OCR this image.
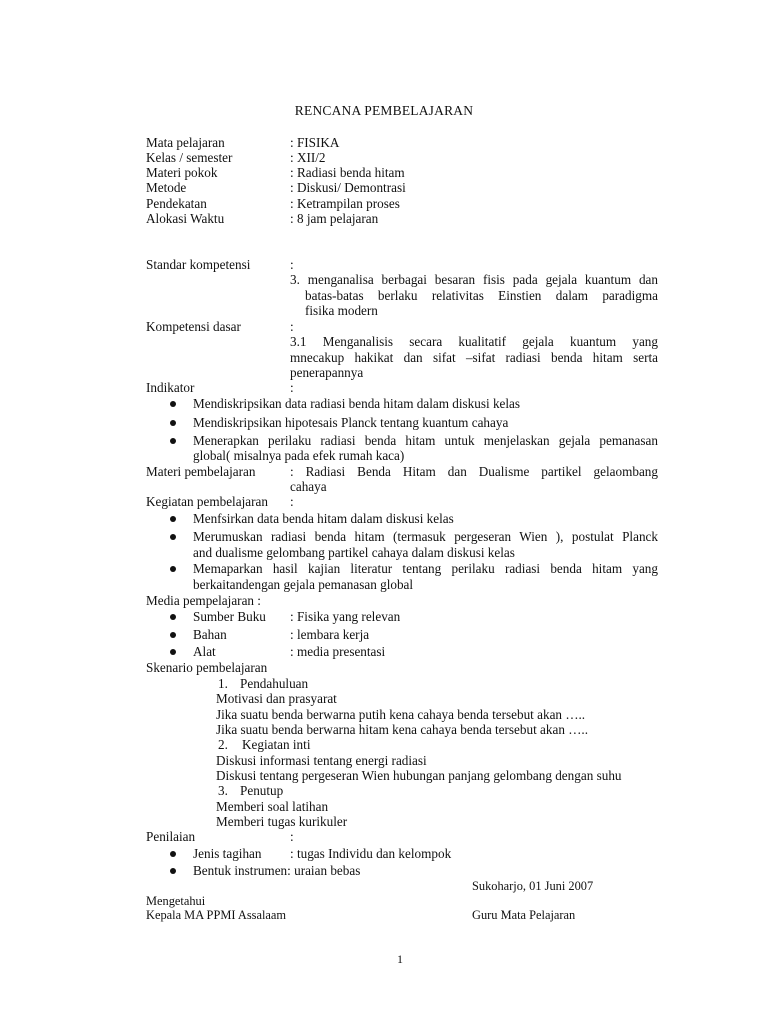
RENCANA PEMBELAJARAN
Mata pelajaran	: FISIKA
Kelas / semester	: XII/2
Materi pokok	: Radiasi benda hitam
Metode	: Diskusi/ Demontrasi
Pendekatan	: Ketrampilan proses
Alokasi Waktu	: 8 jam pelajaran
Standar kompetensi	:
3. menganalisa berbagai besaran fisis pada gejala kuantum dan
batas-batas berlaku relativitas Einstien dalam paradigma
fisika modern
Kompetensi dasar	:
3.1 Menganalisis secara kualitatif gejala kuantum yang
mnecakup hakikat dan sifat –sifat radiasi benda hitam serta
penerapannya
Indikator	:
Mendiskripsikan data radiasi benda hitam dalam diskusi kelas
Mendiskripsikan hipotesais Planck tentang kuantum cahaya
Menerapkan perilaku radiasi benda hitam untuk menjelaskan gejala pemanasan
global( misalnya pada efek rumah kaca)
Materi pembelajaran	: Radiasi Benda Hitam dan Dualisme partikel gelaombang
cahaya
Kegiatan pembelajaran :
Menfsirkan data benda hitam dalam diskusi kelas
Merumuskan radiasi benda hitam (termasuk pergeseran Wien ), postulat Planck
and dualisme gelombang partikel cahaya dalam diskusi kelas
Memaparkan hasil kajian literatur tentang perilaku radiasi benda hitam yang
berkaitandengan gejala pemanasan global
Media pempelajaran :
Sumber Buku : Fisika yang relevan
Bahan	: lembara kerja
Alat	: media presentasi
Skenario pembelajaran
1. Pendahuluan
Motivasi dan prasyarat
Jika suatu benda berwarna putih kena cahaya benda tersebut akan …..
Jika suatu benda berwarna hitam kena cahaya benda tersebut akan …..
2. Kegiatan inti
Diskusi informasi tentang energi radiasi
Diskusi tentang pergeseran Wien hubungan panjang gelombang dengan suhu
3. Penutup
Memberi soal latihan
Memberi tugas kurikuler
Penilaian	:
Jenis tagihan : tugas Individu dan kelompok
Bentuk instrumen: uraian bebas
Sukoharjo, 01 Juni 2007
Mengetahui
Kepala MA PPMI Assalaam	Guru Mata Pelajaran
1
